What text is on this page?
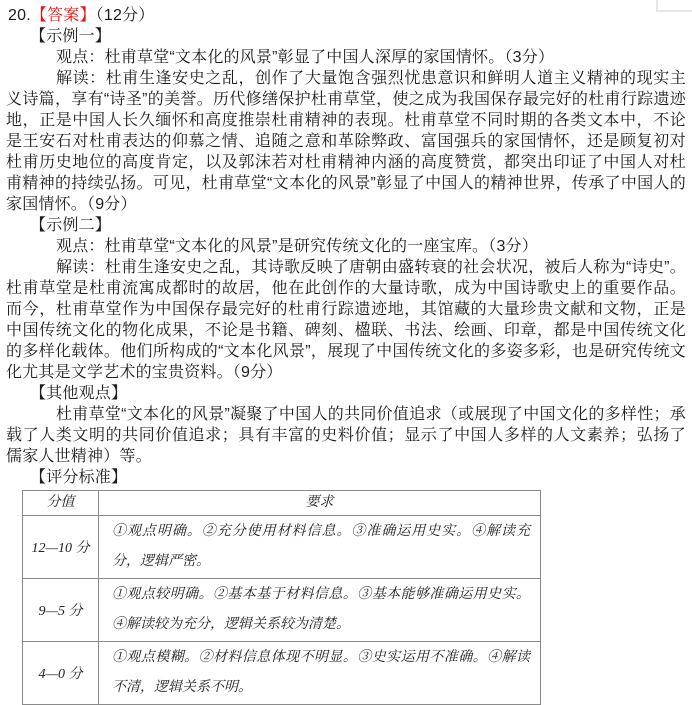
20.【答案】（12分）

【示例一】

观点：杜甫草堂“文本化的风景”彰显了中国人深厚的家国情怀。（3分）

解读：杜甫生逢安史之乱，创作了大量饱含强烈忧患意识和鲜明人道主义精神的现实主义诗篇，享有“诗圣”的美誉。历代修缮保护杜甫草堂，使之成为我国保存最完好的杜甫行踪遗迹地，正是中国人长久缅怀和高度推崇杜甫精神的表现。杜甫草堂不同时期的各类文本中，不论是王安石对杜甫表达的仰慕之情、追随之意和革除弊政、富国强兵的家国情怀，还是顾复初对杜甫历史地位的高度肯定，以及郭沫若对杜甫精神内涵的高度赞赏，都突出印证了中国人对杜甫精神的持续弘扬。可见，杜甫草堂“文本化的风景”彰显了中国人的精神世界，传承了中国人的家国情怀。（9分）

【示例二】

观点：杜甫草堂“文本化的风景”是研究传统文化的一座宝库。（3分）

解读：杜甫生逢安史之乱，其诗歌反映了唐朝由盛转衰的社会状况，被后人称为“诗史”。杜甫草堂是杜甫流寓成都时的故居，他在此创作的大量诗歌，成为中国诗歌史上的重要作品。而今，杜甫草堂作为中国保存最完好的杜甫行踪遗迹地，其馆藏的大量珍贵文献和文物，正是中国传统文化的物化成果，不论是书籍、碑刻、楹联、书法、绘画、印章，都是中国传统文化的多样化载体。他们所构成的“文本化风景”，展现了中国传统文化的多姿多彩，也是研究传统文化尤其是文学艺术的宝贵资料。（9分）

【其他观点】

杜甫草堂“文本化的风景”凝聚了中国人的共同价值追求（或展现了中国文化的多样性；承载了人类文明的共同价值追求；具有丰富的史料价值；显示了中国人多样的人文素养；弘扬了儒家人世精神）等。

【评分标准】

分值	要求
12—10 分	①观点明确。②充分使用材料信息。③准确运用史实。④解读充分，逻辑严密。
9—5 分	①观点较明确。②基本基于材料信息。③基本能够准确运用史实。④解读较为充分，逻辑关系较为清楚。
4—0 分	①观点模糊。②材料信息体现不明显。③史实运用不准确。④解读不清，逻辑关系不明。
